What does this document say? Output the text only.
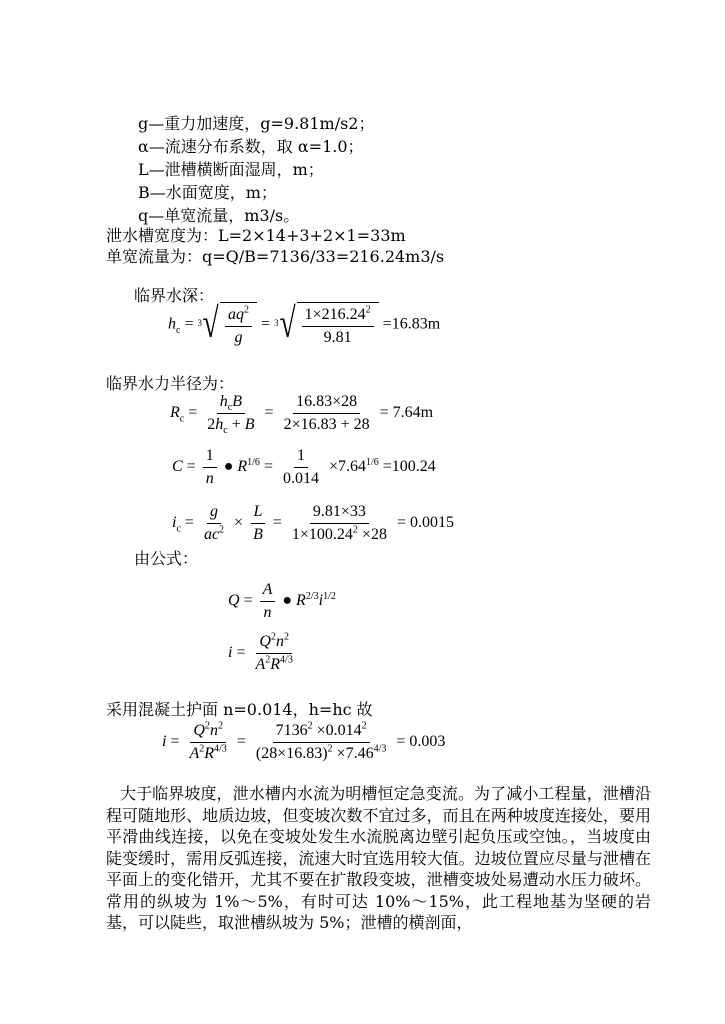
g—重力加速度，g=9.81m/s2；
α—流速分布系数，取 α=1.0；
L—泄槽横断面湿周，m；
B—水面宽度，m；
q—单宽流量，m3/s。
泄水槽宽度为：L=2×14+3+2×1=33m
单宽流量为：q=Q/B=7136/33=216.24m3/s
临界水深：
$h_c = 3$ √ $\frac{aq^2}{g} = 3$ √ $\frac{1\times 216.24^2}{9.81} =16.83m$
临界水力半径为：
$R_c = \frac{h_cB}{2h_c + B} = \frac{16.83\times 28}{2\times 16.83 + 28} = 7.64m$
$C = \frac{1}{n}$ ● $R^{1/6} = \frac{1}{0.014} \times 7.64^{1/6} =100.24$
$i_c = \frac{g}{ac^2} \times \frac{L}{B} = \frac{9.81\times 33}{1\times 100.24^2 \times 28} = 0.0015$
由公式：
$Q = \frac{A}{n}$ ● $R^{2/3}i^{1/2}$
$i = \frac{Q^2n^2}{A^2R^{4/3}}$
采用混凝土护面 n=0.014，h=hc 故
$i = \frac{Q^2n^2}{A^2R^{4/3}} = \frac{7136^2 \times 0.014^2}{(28\times 16.83)^2 \times 7.46^{4/3}} = 0.003$
大于临界坡度，泄水槽内水流为明槽恒定急变流。为了减小工程量，泄槽沿程可随地形、地质边坡，但变坡次数不宜过多，而且在两种坡度连接处，要用平滑曲线连接，以免在变坡处发生水流脱离边壁引起负压或空蚀。，当坡度由陡变缓时，需用反弧连接，流速大时宜选用较大值。边坡位置应尽量与泄槽在平面上的变化错开，尤其不要在扩散段变坡，泄槽变坡处易遭动水压力破坏。常用的纵坡为 1%～5%，有时可达 10%～15%，此工程地基为坚硬的岩基，可以陡些，取泄槽纵坡为 5%；泄槽的横剖面，
